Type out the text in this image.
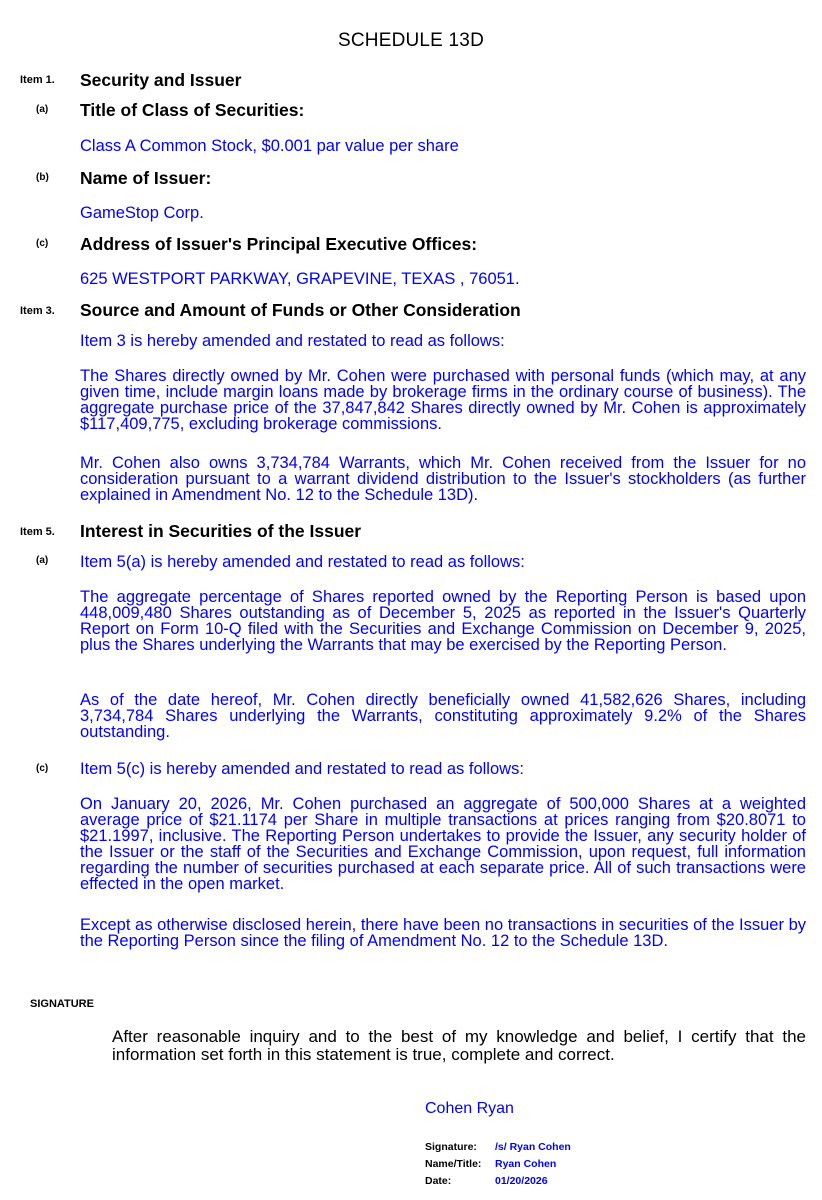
SCHEDULE 13D
Item 1. Security and Issuer
(a) Title of Class of Securities:
Class A Common Stock, $0.001 par value per share
(b) Name of Issuer:
GameStop Corp.
(c) Address of Issuer's Principal Executive Offices:
625 WESTPORT PARKWAY, GRAPEVINE, TEXAS , 76051.
Item 3. Source and Amount of Funds or Other Consideration
Item 3 is hereby amended and restated to read as follows:
The Shares directly owned by Mr. Cohen were purchased with personal funds (which may, at any given time, include margin loans made by brokerage firms in the ordinary course of business). The aggregate purchase price of the 37,847,842 Shares directly owned by Mr. Cohen is approximately $117,409,775, excluding brokerage commissions.
Mr. Cohen also owns 3,734,784 Warrants, which Mr. Cohen received from the Issuer for no consideration pursuant to a warrant dividend distribution to the Issuer's stockholders (as further explained in Amendment No. 12 to the Schedule 13D).
Item 5. Interest in Securities of the Issuer
(a) Item 5(a) is hereby amended and restated to read as follows:
The aggregate percentage of Shares reported owned by the Reporting Person is based upon 448,009,480 Shares outstanding as of December 5, 2025 as reported in the Issuer's Quarterly Report on Form 10-Q filed with the Securities and Exchange Commission on December 9, 2025, plus the Shares underlying the Warrants that may be exercised by the Reporting Person.
As of the date hereof, Mr. Cohen directly beneficially owned 41,582,626 Shares, including 3,734,784 Shares underlying the Warrants, constituting approximately 9.2% of the Shares outstanding.
(c) Item 5(c) is hereby amended and restated to read as follows:
On January 20, 2026, Mr. Cohen purchased an aggregate of 500,000 Shares at a weighted average price of $21.1174 per Share in multiple transactions at prices ranging from $20.8071 to $21.1997, inclusive. The Reporting Person undertakes to provide the Issuer, any security holder of the Issuer or the staff of the Securities and Exchange Commission, upon request, full information regarding the number of securities purchased at each separate price. All of such transactions were effected in the open market.
Except as otherwise disclosed herein, there have been no transactions in securities of the Issuer by the Reporting Person since the filing of Amendment No. 12 to the Schedule 13D.
SIGNATURE
After reasonable inquiry and to the best of my knowledge and belief, I certify that the information set forth in this statement is true, complete and correct.
Cohen Ryan
Signature: /s/ Ryan Cohen
Name/Title: Ryan Cohen
Date:	01/20/2026
